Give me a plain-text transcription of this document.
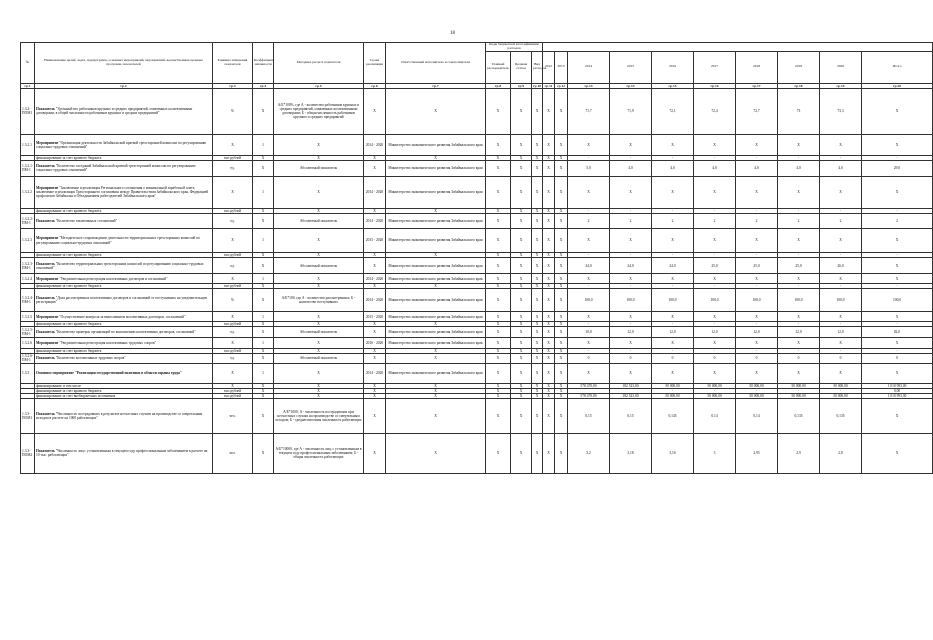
18
№	Наименование целей, задач, подпрограмм, основных мероприятий, мероприятий, ведомственных целевых программ, показателей	Единица измерения показателя	Коэффициент значимости	Методика расчета показателя	Сроки реализации	Ответственный исполнитель и соисполнители	Коды бюджетной классификации расходов												
							Главный распорядитель	Целевая статья	Вид расходов	2012	2013	2014	2015	2016	2017	2018	2019	2020	Итого

гр.1	гр.2	гр.3	гр.4	гр.5	гр.6	гр.7	гр.8	гр.9	гр.10	гр.11	гр.12	гр.13	гр.14	гр.15	гр.16	гр.17	гр.18	гр.19	гр.20
1.3.2-ПОМ1	Показатель "Удельный вес работников крупных и средних предприятий, охваченных коллективными договорами, в общей численности работников крупных и средних предприятий"	%	X	А/Б*100%, где А - количество работников крупных и средних предприятий, охваченных коллективными договорами; Б - общая численность работников крупных и средних предприятий	X	X	X	X	X	X	X	71,7	71,9	72,1	72,4	72,7	73	73,3	X
1.3.2.1	Мероприятие "Организация деятельности Забайкальской краевой трехсторонней комиссии по регулированию социально-трудовых отношений"	X	1	X	2014 - 2020	Министерство экономического развития Забайкальского края	X	X	X	X	X	X	X	X	X	X	X	X	X
	финансирование за счет краевого бюджета	тыс.рублей	X	X	X	X	X	X	X	X	X	-	-	-	-	-	-	-	-
1.3.2.1-ПМ-1	Показатель "Количество заседаний Забайкальской краевой трехсторонней комиссии по регулированию социально-трудовых отношений"	ед.	X	Абсолютный показатель	X	Министерство экономического развития Забайкальского края	X	X	X	X	X	5,0	4,0	4,0	4,0	4,0	4,0	4,0	29,0
1.3.2.2	Мероприятие "Заключение и реализация Регионального соглашения о минимальной заработной плате, заключение и реализация Трехстороннего соглашения между Правительством Забайкальского края, Федерацией профсоюзов Забайкалья и Объединением работодателей Забайкальского края"	X	1	X	2014 - 2020	Министерство экономического развития Забайкальского края	X	X	X	X	X	X	X	X	X	X	X	X	X
	финансирование за счет краевого бюджета	тыс.рублей	X	X	X	X	X	X	X	X	X	-	-	-	-	-	-	-	-
1.3.2.2-ПМ-1	Показатель "Количество заключенных соглашений"	ед.	X	Абсолютный показатель	2014 - 2020	Министерство экономического развития Забайкальского края	X	X	X	X	X	2	2	2	2	2	2	2	2
1.3.2.3	Мероприятие "Методическое сопровождение деятельности территориальных трехсторонних комиссий по регулированию социально-трудовых отношений"	X	1	X	2015 - 2020	Министерство экономического развития Забайкальского края	X	X	X	X	X	X	X	X	X	X	X	X	X
	финансирование за счет краевого бюджета	тыс.рублей	X	X	X	X	X	X	X	X	X	-	-	-	-	-	-	-	-
1.3.2.3-ПМ-1	Показатель "Количество территориальных трехсторонних комиссий по регулированию социально-трудовых отношений"	ед.	X	Абсолютный показатель	X	Министерство экономического развития Забайкальского края	X	X	X	X	X	24,0	24,0	24,0	25,0	25,0	25,0	26,0	X
1.3.2.4	Мероприятие "Уведомительная регистрация коллективных договоров и соглашений"	X	1	X	2014 - 2020	Министерство экономического развития Забайкальского края	X	X	X	X	X	X	X	X	X	X	X	X	X
	финансирование за счет краевого бюджета	тыс.рублей	X	X	X	X	X	X	X	X	X	-	-	-	-	-	-	-	-
1.3.2.4-ПМ-1	Показатель "Доля рассмотренных коллективных договоров и соглашений от поступивших на уведомительную регистрацию"	%	X	А/Б*100, где А - количество рассмотренных; Б - количество поступивших	2014 - 2020	Министерство экономического развития Забайкальского края	X	X	X	X	X	100,0	100,0	100,0	100,0	100,0	100,0	100,0	100,0
1.3.2.5	Мероприятие "Осуществление контроля за выполнением коллективных договоров, соглашений"	X	1	X	2015 - 2020	Министерство экономического развития Забайкальского края	X	X	X	X	X	X	X	X	X	X	X	X	X
	финансирование за счет краевого бюджета	тыс.рублей	X	X	X	X	X	X	X	X	X	-	-	-	-	-	-	-	-
1.3.2.5-ПМ-1	Показатель "Количество проверок организаций по выполнению коллективных договоров, соглашений"	ед.	X	Абсолютный показатель	X	Министерство экономического развития Забайкальского края	X	X	X	X	X	10,0	12,0	12,0	12,0	12,0	12,0	12,0	82,0
1.3.2.6	Мероприятие "Уведомительная регистрация коллективных трудовых споров"	X	1	X	2016 - 2020	Министерство экономического развития Забайкальского края	X	X	X	X	X	X	X	X	X	X	X	X	X
	финансирование за счет краевого бюджета	тыс.рублей	X	X	X	X	X	X	X	X	X	-	-	-	-	-	-	-	-
1.3.2.6-ПМ-1	Показатель "Количество коллективных трудовых споров"	ед.	X	Абсолютный показатель	X	X	X	X	X	X	X	0	0	0	0	0	0	0	0
1.3.3	Основное мероприятие "Реализация государственной политики в области охраны труда"	X	1	X	2014 - 2020	Министерство экономического развития Забайкальского края	X	X	X	X	X	X	X	X	X	X	X	X	X
	финансирование, в том числе	X	X	X	X	X	X	X	X	X	X	578 470,00	182 523,00	50 000,00	50 000,00	50 000,00	50 000,00	50 000,00	1 010 993,00
	финансирование за счет краевого бюджета	тыс.рублей	X	X	X	X	X	X	X	X	X			-	-	-	-	-	0,00
	финансирование за счет внебюджетных источников	тыс.рублей	X	X	X	X	X	X	X	X	X	578 470,00	182 523,00	50 000,00	50 000,00	50 000,00	50 000,00	50 000,00	1 010 993,00
1.3.3-ПОМ1	Показатель "Численность пострадавших в результате несчастных случаев на производстве со смертельным исходом в расчете на 1000 работающих"	чел.	X	А/Б*1000, А - численность пострадавших при несчастных случаях на производстве со смертельным исходом; Б - среднесписочная численность работающих	X	X	X	X	X	X	X	0,15	0,15	0,145	0,14	0,14	0,135	0,135	X
1.3.3-ПОМ2	Показатель "Численность лиц с установленным в текущем году профессиональным заболеванием в расчете на 10 тыс. работающих"	чел.	X	А/Б*10000, где А - численность лиц, с установленным в текущем году профессиональным заболеванием; Б - общая численность работающих	X	X	X	X	X	X	X	3,2	3,18	3,16	3	2,95	2,9	2,8	X
